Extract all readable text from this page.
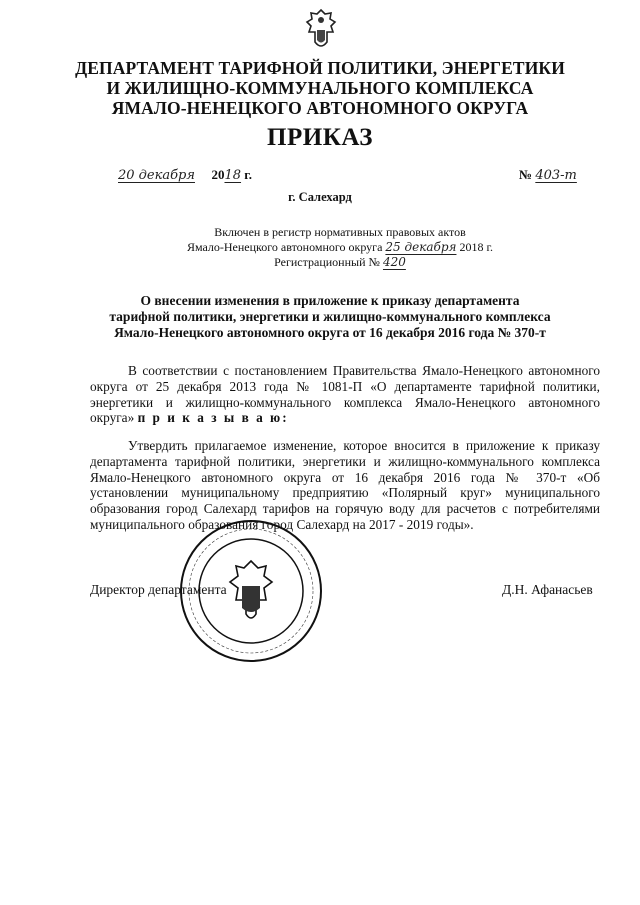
ДЕПАРТАМЕНТ ТАРИФНОЙ ПОЛИТИКИ, ЭНЕРГЕТИКИ
И ЖИЛИЩНО-КОММУНАЛЬНОГО КОМПЛЕКСА
ЯМАЛО-НЕНЕЦКОГО АВТОНОМНОГО ОКРУГА
ПРИКАЗ
20 декабря 2018 г.	№ 403-т
г. Салехард
Включен в регистр нормативных правовых актов
Ямало-Ненецкого автономного округа 25 декабря 2018 г.
Регистрационный № 420
О внесении изменения в приложение к приказу департамента
тарифной политики, энергетики и жилищно-коммунального комплекса
Ямало-Ненецкого автономного округа от 16 декабря 2016 года № 370-т
В соответствии с постановлением Правительства Ямало-Ненецкого автономного округа от 25 декабря 2013 года № 1081-П «О департаменте тарифной политики, энергетики и жилищно-коммунального комплекса Ямало-Ненецкого автономного округа» п р и к а з ы в а ю:
Утвердить прилагаемое изменение, которое вносится в приложение к приказу департамента тарифной политики, энергетики и жилищно-коммунального комплекса Ямало-Ненецкого автономного округа от 16 декабря 2016 года № 370-т «Об установлении муниципальному предприятию «Полярный круг» муниципального образования город Салехард тарифов на горячую воду для расчетов с потребителями муниципального образования город Салехард на 2017 - 2019 годы».
Директор департамента	Д.Н. Афанасьев
